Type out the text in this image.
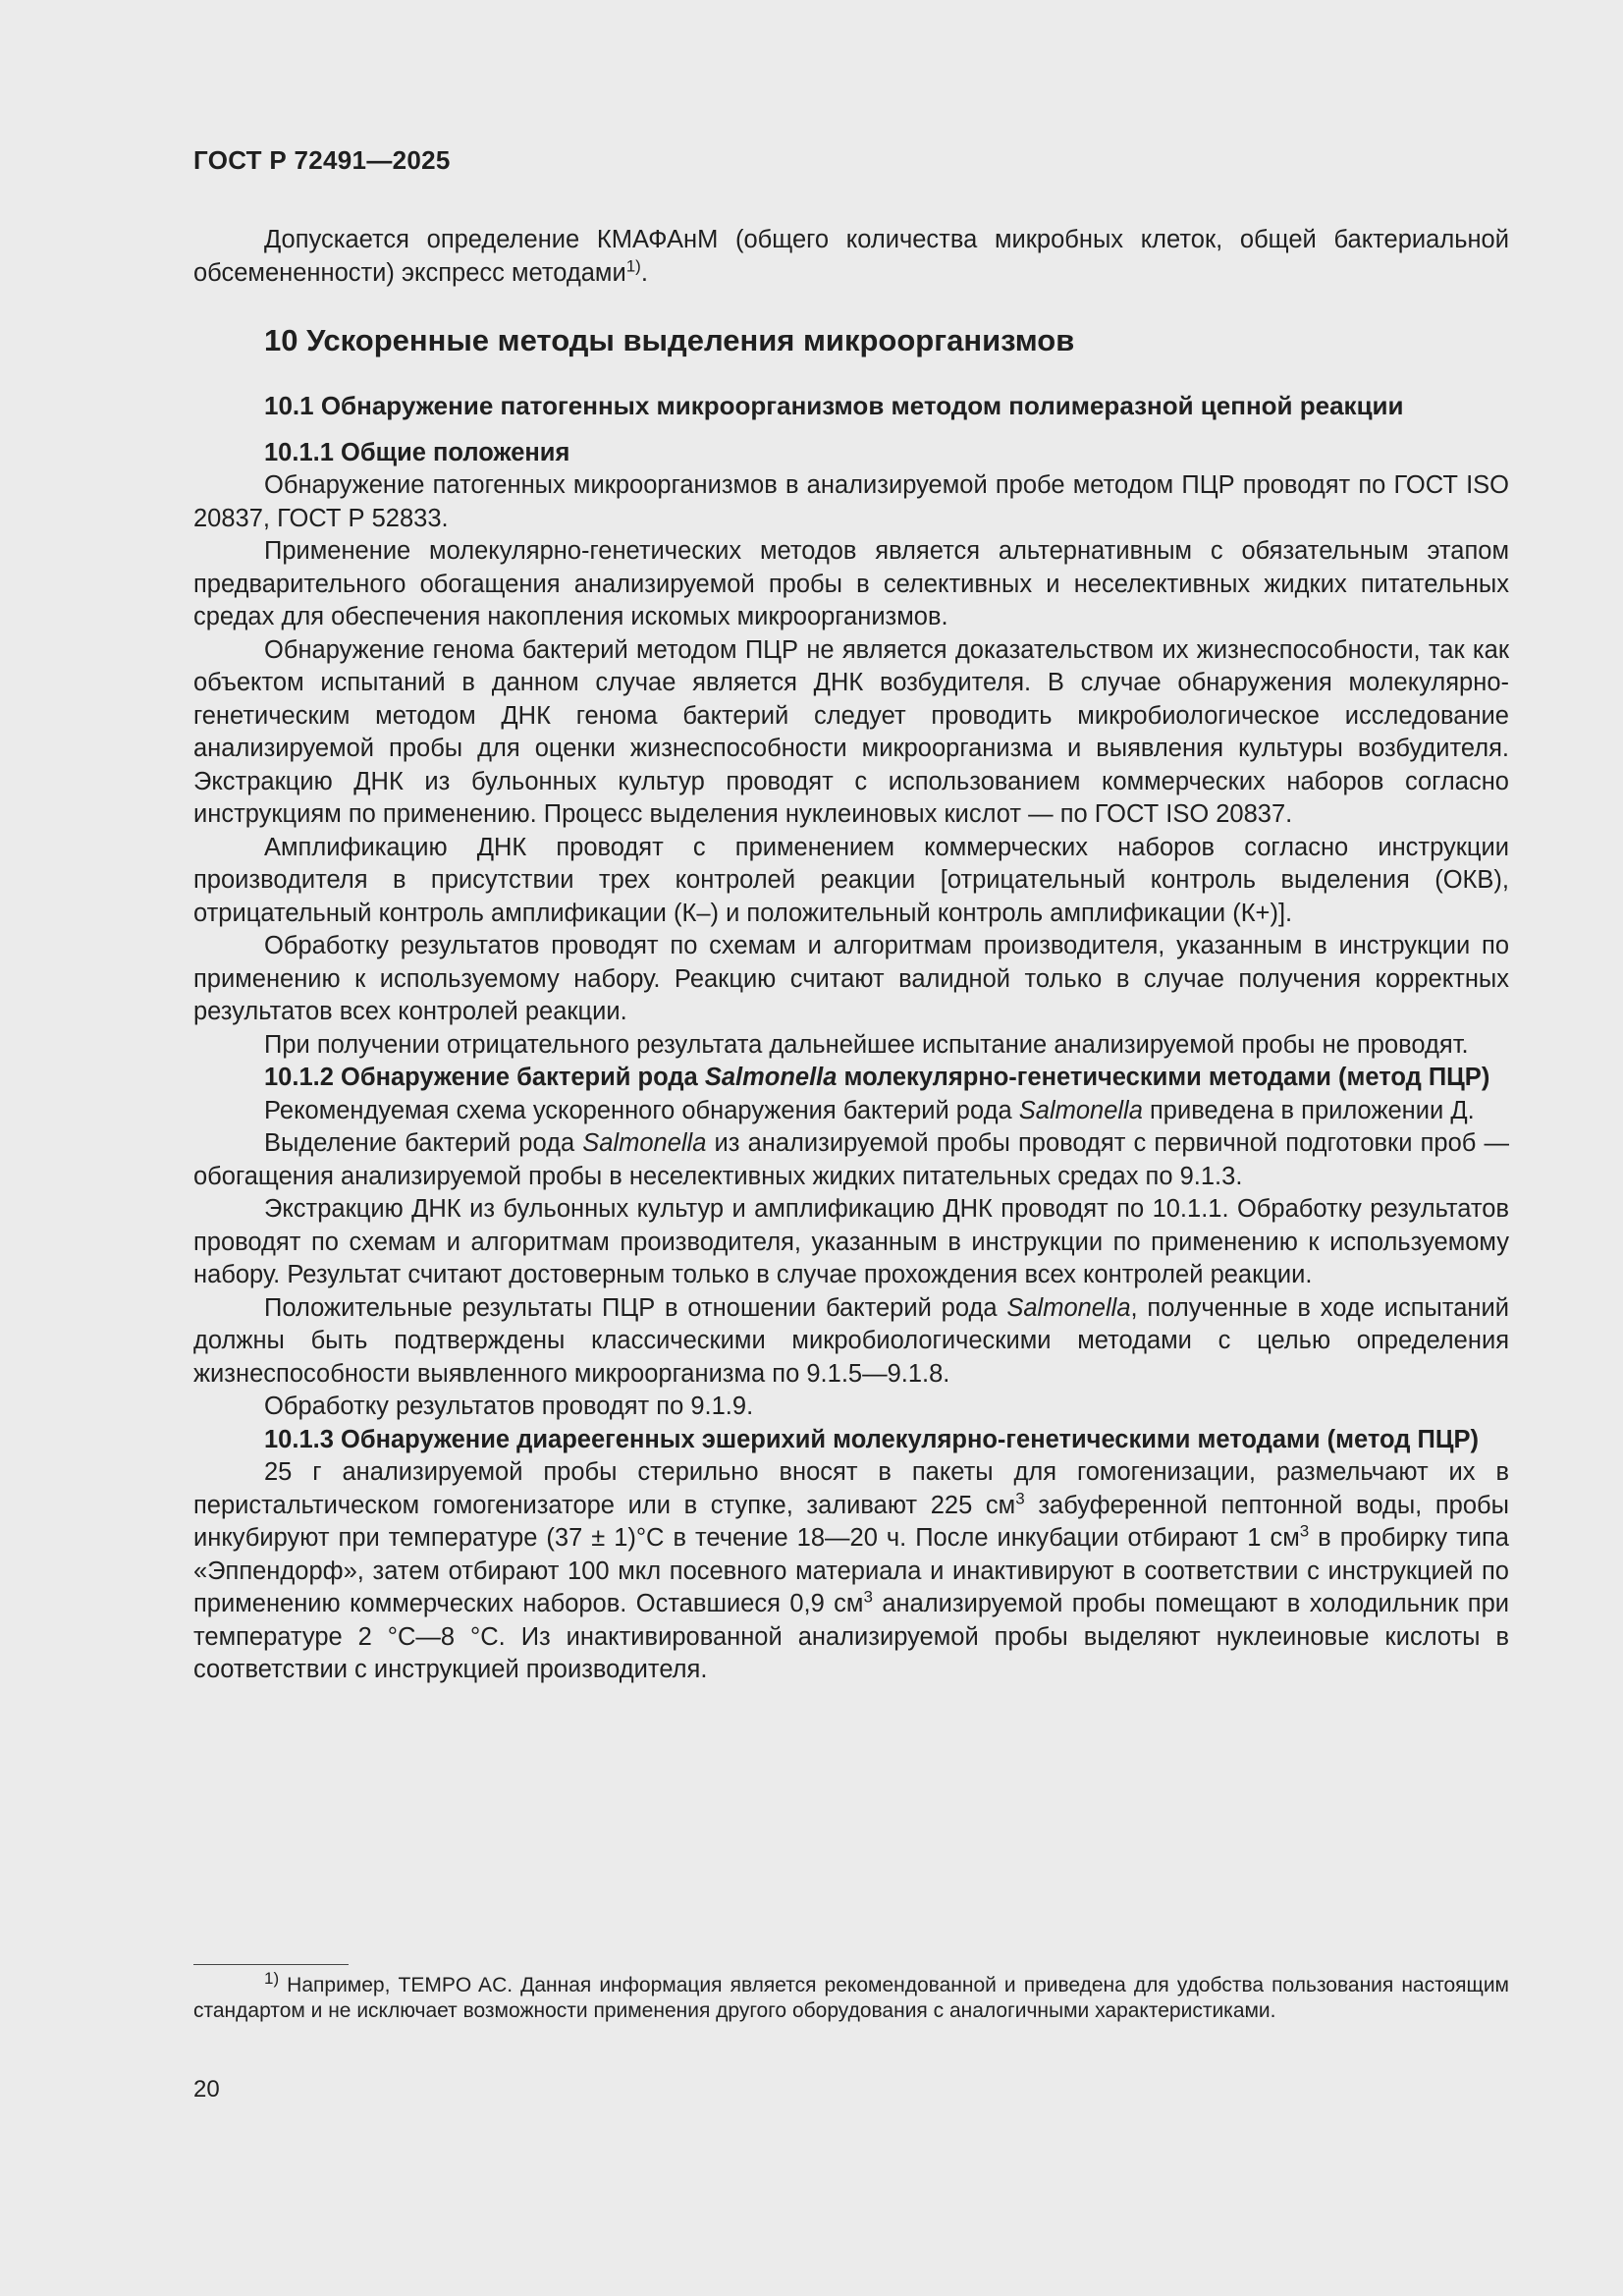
ГОСТ Р 72491—2025

Допускается определение КМАФАнМ (общего количества микробных клеток, общей бактериальной обсемененности) экспресс методами$^{1)}$.

10 Ускоренные методы выделения микроорганизмов
10.1 Обнаружение патогенных микроорганизмов методом полимеразной цепной реакции

10.1.1 Общие положения

Обнаружение патогенных микроорганизмов в анализируемой пробе методом ПЦР проводят по ГОСТ ISO 20837, ГОСТ Р 52833.

Применение молекулярно-генетических методов является альтернативным с обязательным этапом предварительного обогащения анализируемой пробы в селективных и неселективных жидких питательных средах для обеспечения накопления искомых микроорганизмов.

Обнаружение генома бактерий методом ПЦР не является доказательством их жизнеспособности, так как объектом испытаний в данном случае является ДНК возбудителя. В случае обнаружения молекулярно-генетическим методом ДНК генома бактерий следует проводить микробиологическое исследование анализируемой пробы для оценки жизнеспособности микроорганизма и выявления культуры возбудителя. Экстракцию ДНК из бульонных культур проводят с использованием коммерческих наборов согласно инструкциям по применению. Процесс выделения нуклеиновых кислот — по ГОСТ ISO 20837.

Амплификацию ДНК проводят с применением коммерческих наборов согласно инструкции производителя в присутствии трех контролей реакции [отрицательный контроль выделения (ОКВ), отрицательный контроль амплификации (К–) и положительный контроль амплификации (К+)].

Обработку результатов проводят по схемам и алгоритмам производителя, указанным в инструкции по применению к используемому набору. Реакцию считают валидной только в случае получения корректных результатов всех контролей реакции.

При получении отрицательного результата дальнейшее испытание анализируемой пробы не проводят.

10.1.2 Обнаружение бактерий рода Salmonella молекулярно-генетическими методами (метод ПЦР)

Рекомендуемая схема ускоренного обнаружения бактерий рода Salmonella приведена в приложении Д.

Выделение бактерий рода Salmonella из анализируемой пробы проводят с первичной подготовки проб — обогащения анализируемой пробы в неселективных жидких питательных средах по 9.1.3.

Экстракцию ДНК из бульонных культур и амплификацию ДНК проводят по 10.1.1. Обработку результатов проводят по схемам и алгоритмам производителя, указанным в инструкции по применению к используемому набору. Результат считают достоверным только в случае прохождения всех контролей реакции.

Положительные результаты ПЦР в отношении бактерий рода Salmonella, полученные в ходе испытаний должны быть подтверждены классическими микробиологическими методами с целью определения жизнеспособности выявленного микроорганизма по 9.1.5—9.1.8.

Обработку результатов проводят по 9.1.9.

10.1.3 Обнаружение диареегенных эшерихий молекулярно-генетическими методами (метод ПЦР)

25 г анализируемой пробы стерильно вносят в пакеты для гомогенизации, размельчают их в перистальтическом гомогенизаторе или в ступке, заливают 225 $см^3$ забуференной пептонной воды, пробы инкубируют при температуре (37 ± 1)°С в течение 18—20 ч. После инкубации отбирают 1 $см^3$ в пробирку типа «Эппендорф», затем отбирают 100 мкл посевного материала и инактивируют в соответствии с инструкцией по применению коммерческих наборов. Оставшиеся 0,9 $см^3$ анализируемой пробы помещают в холодильник при температуре 2 °С—8 °С. Из инактивированной анализируемой пробы выделяют нуклеиновые кислоты в соответствии с инструкцией производителя.

$^{1)}$ Например, TEMPO AC. Данная информация является рекомендованной и приведена для удобства пользования настоящим стандартом и не исключает возможности применения другого оборудования с аналогичными характеристиками.

20
